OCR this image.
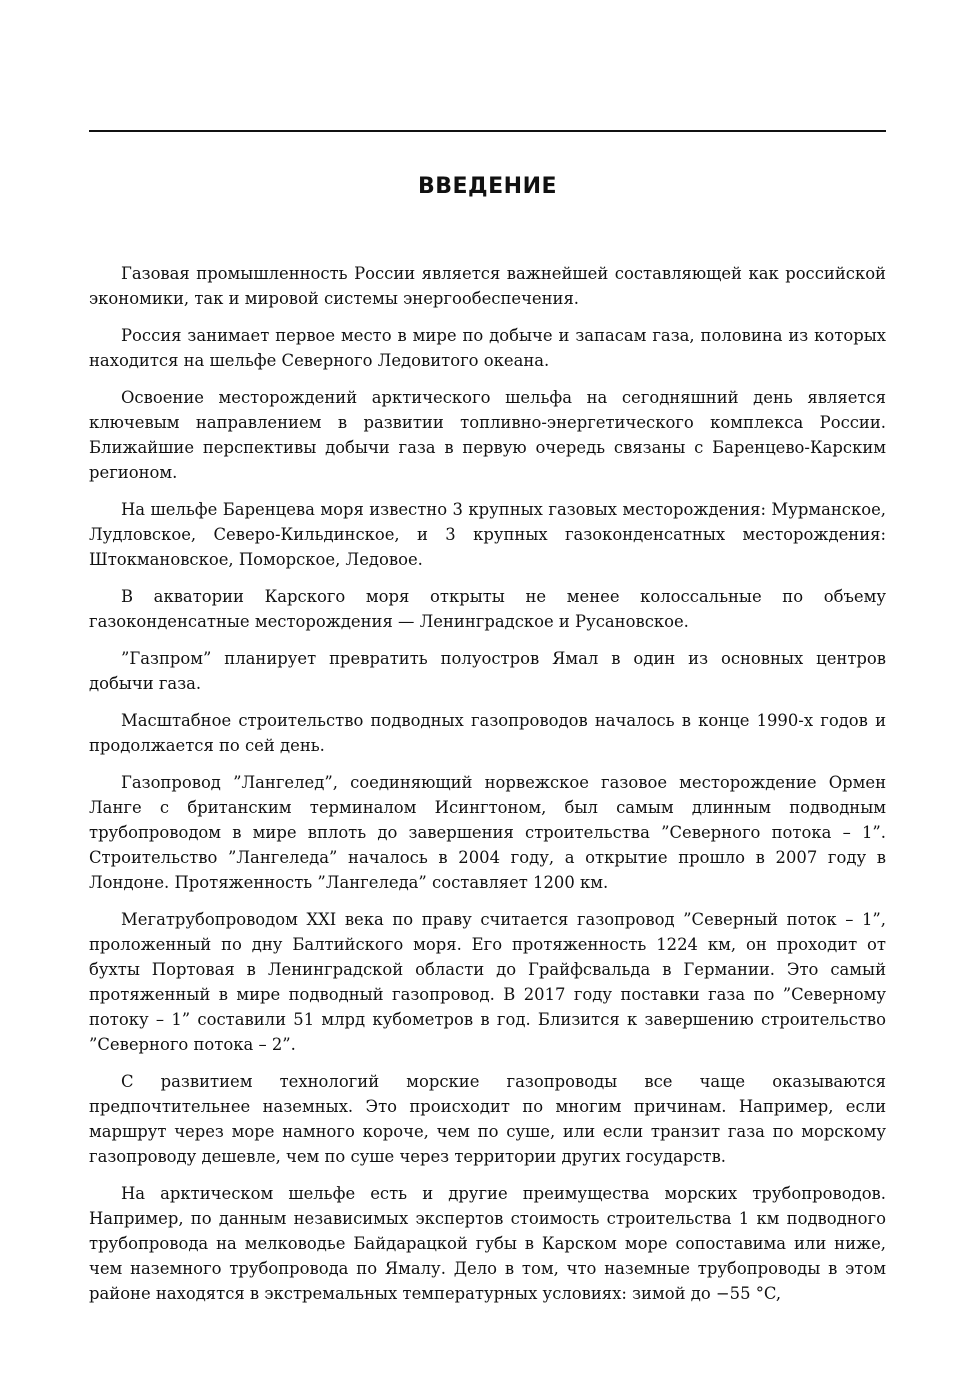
ВВЕДЕНИЕ

Газовая промышленность России является важнейшей составляющей как российской экономики, так и мировой системы энергообеспечения.

Россия занимает первое место в мире по добыче и запасам газа, половина из которых находится на шельфе Северного Ледовитого океана.

Освоение месторождений арктического шельфа на сегодняшний день является ключевым направлением в развитии топливно-энергетического комплекса России. Ближайшие перспективы добычи газа в первую очередь связаны с Баренцево-Карским регионом.

На шельфе Баренцева моря известно 3 крупных газовых месторождения: Мурманское, Лудловское, Северо-Кильдинское, и 3 крупных газоконденсатных месторождения: Штокмановское, Поморское, Ледовое.

В акватории Карского моря открыты не менее колоссальные по объему газоконденсатные месторождения — Ленинградское и Русановское.

”Газпром” планирует превратить полуостров Ямал в один из основных центров добычи газа.

Масштабное строительство подводных газопроводов началось в конце 1990-х годов и продолжается по сей день.

Газопровод ”Лангелед”, соединяющий норвежское газовое месторождение Ормен Ланге с британским терминалом Исингтоном, был самым длинным подводным трубопроводом в мире вплоть до завершения строительства ”Северного потока – 1”. Строительство ”Лангеледа” началось в 2004 году, а открытие прошло в 2007 году в Лондоне. Протяженность ”Лангеледа” составляет 1200 км.

Мегатрубопроводом XXI века по праву считается газопровод ”Северный поток – 1”, проложенный по дну Балтийского моря. Его протяженность 1224 км, он проходит от бухты Портовая в Ленинградской области до Грайфсвальда в Германии. Это самый протяженный в мире подводный газопровод. В 2017 году поставки газа по ”Северному потоку – 1” составили 51 млрд кубометров в год. Близится к завершению строительство ”Северного потока – 2”.

С развитием технологий морские газопроводы все чаще оказываются предпочтительнее наземных. Это происходит по многим причинам. Например, если маршрут через море намного короче, чем по суше, или если транзит газа по морскому газопроводу дешевле, чем по суше через территории других государств.

На арктическом шельфе есть и другие преимущества морских трубопроводов. Например, по данным независимых экспертов стоимость строительства 1 км подводного трубопровода на мелководье Байдарацкой губы в Карском море сопоставима или ниже, чем наземного трубопровода по Ямалу. Дело в том, что наземные трубопроводы в этом районе находятся в экстремальных температурных условиях: зимой до −55 °C,
